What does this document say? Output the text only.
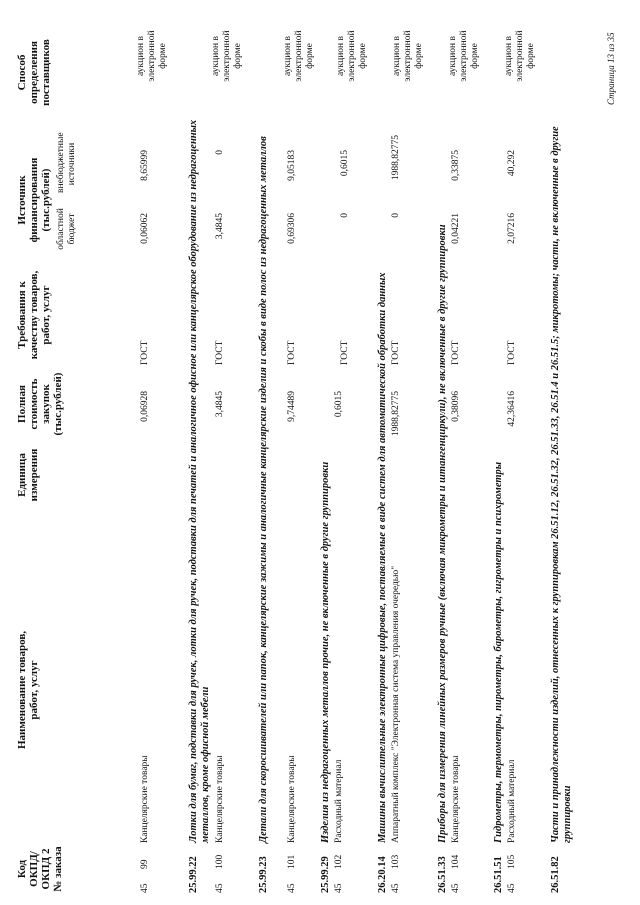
Код ОКПД/ ОКПД 2 № заказа
Наименование товаров, работ, услуг
Единица измерения
Полная стоимость закупок (тыс.рублей)
Требования к качеству товаров, работ, услуг
Источник финансирования (тыс.рублей) областной бюджет
внебюджетные источники
Способ определения поставщиков
45
99
Канцелярские товары
0,06928
ГОСТ
0,06062
8,65999
аукцион в электронной форме
25.99.22
Лотки для бумаг, подставки для ручек, лотки для ручек, подставки для печатей и аналогичное офисное или канцелярское оборудование из недрагоценных металлов, кроме офисной мебели
45
100
Канцелярские товары
3,4845
ГОСТ
3,4845
0
аукцион в электронной форме
25.99.23
Детали для скоросшивателей или папок, канцелярские зажимы и аналогичные канцелярские изделия и скобы в виде полос из недрагоценных металлов
45
101
Канцелярские товары
9,74489
ГОСТ
0,69306
9,05183
аукцион в электронной форме
25.99.29
Изделия из недрагоценных металлов прочие, не включенные в другие группировки
45
102
Расходный материал
0,6015
ГОСТ
0
0,6015
аукцион в электронной форме
26.20.14
Машины вычислительные электронные цифровые, поставляемые в виде систем для автоматической обработки данных
45
103
Аппаратный комплекс "Электронная система управления очередью"
1988,82775
ГОСТ
0
1988,82775
аукцион в электронной форме
26.51.33
Приборы для измерения линейных размеров ручные (включая микрометры и штангенциркули), не включенные в другие группировки
45
104
Канцелярские товары
0,38096
ГОСТ
0,04221
0,33875
аукцион в электронной форме
26.51.51
Гидрометры, термометры, пирометры, барометры, гигрометры и психрометры
45
105
Расходный материал
42,36416
ГОСТ
2,07216
40,292
аукцион в электронной форме
26.51.82
Части и принадлежности изделий, отнесенных к группировкам 26.51.12, 26.51.32, 26.51.33, 26.51.4 и 26.51.5; микротомы; части, не включенные в другие группировки
Страница 13 из 35
